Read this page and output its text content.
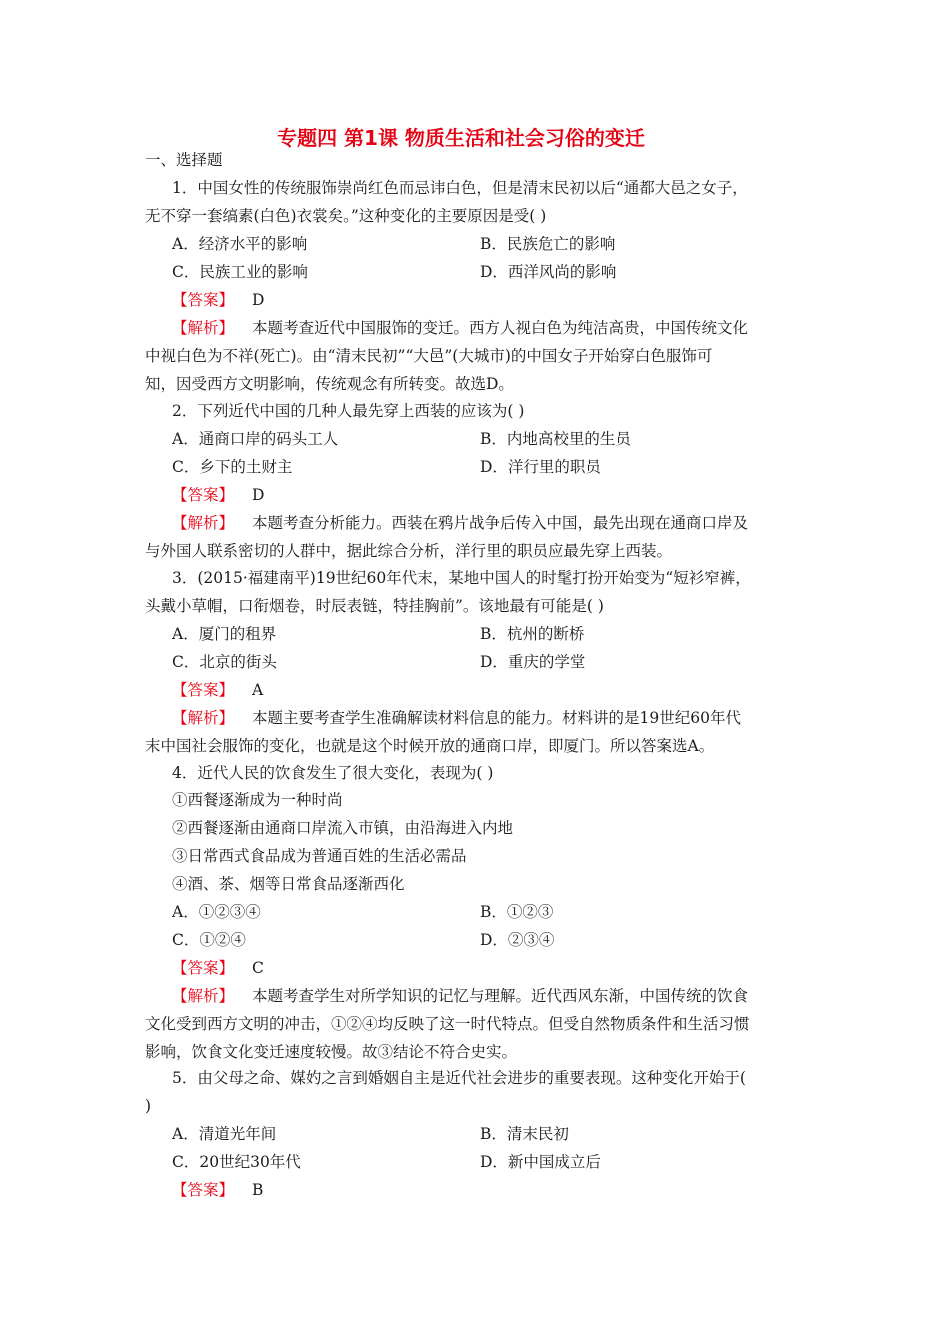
专题四 第1课 物质生活和社会习俗的变迁
一、选择题
1．中国女性的传统服饰崇尚红色而忌讳白色，但是清末民初以后“通都大邑之女子，
无不穿一套缟素(白色)衣裳矣。”这种变化的主要原因是受( )
A．经济水平的影响	B．民族危亡的影响
C．民族工业的影响	D．西洋风尚的影响
【答案】 D
【解析】 本题考查近代中国服饰的变迁。西方人视白色为纯洁高贵，中国传统文化
中视白色为不祥(死亡)。由“清末民初”“大邑”(大城市)的中国女子开始穿白色服饰可
知，因受西方文明影响，传统观念有所转变。故选D。
2．下列近代中国的几种人最先穿上西装的应该为( )
A．通商口岸的码头工人	B．内地高校里的生员
C．乡下的土财主	D．洋行里的职员
【答案】 D
【解析】 本题考查分析能力。西装在鸦片战争后传入中国，最先出现在通商口岸及
与外国人联系密切的人群中，据此综合分析，洋行里的职员应最先穿上西装。
3．(2015·福建南平)19世纪60年代末，某地中国人的时髦打扮开始变为“短衫窄裤，
头戴小草帽，口衔烟卷，时辰表链，特挂胸前”。该地最有可能是( )
A．厦门的租界	B．杭州的断桥
C．北京的街头	D．重庆的学堂
【答案】 A
【解析】 本题主要考查学生准确解读材料信息的能力。材料讲的是19世纪60年代
末中国社会服饰的变化，也就是这个时候开放的通商口岸，即厦门。所以答案选A。
4．近代人民的饮食发生了很大变化，表现为( )
①西餐逐渐成为一种时尚
②西餐逐渐由通商口岸流入市镇，由沿海进入内地
③日常西式食品成为普通百姓的生活必需品
④酒、茶、烟等日常食品逐渐西化
A．①②③④	B．①②③
C．①②④	D．②③④
【答案】 C
【解析】 本题考查学生对所学知识的记忆与理解。近代西风东渐，中国传统的饮食
文化受到西方文明的冲击，①②④均反映了这一时代特点。但受自然物质条件和生活习惯
影响，饮食文化变迁速度较慢。故③结论不符合史实。
5．由父母之命、媒妁之言到婚姻自主是近代社会进步的重要表现。这种变化开始于(
)
A．清道光年间	B．清末民初
C．20世纪30年代	D．新中国成立后
【答案】 B
